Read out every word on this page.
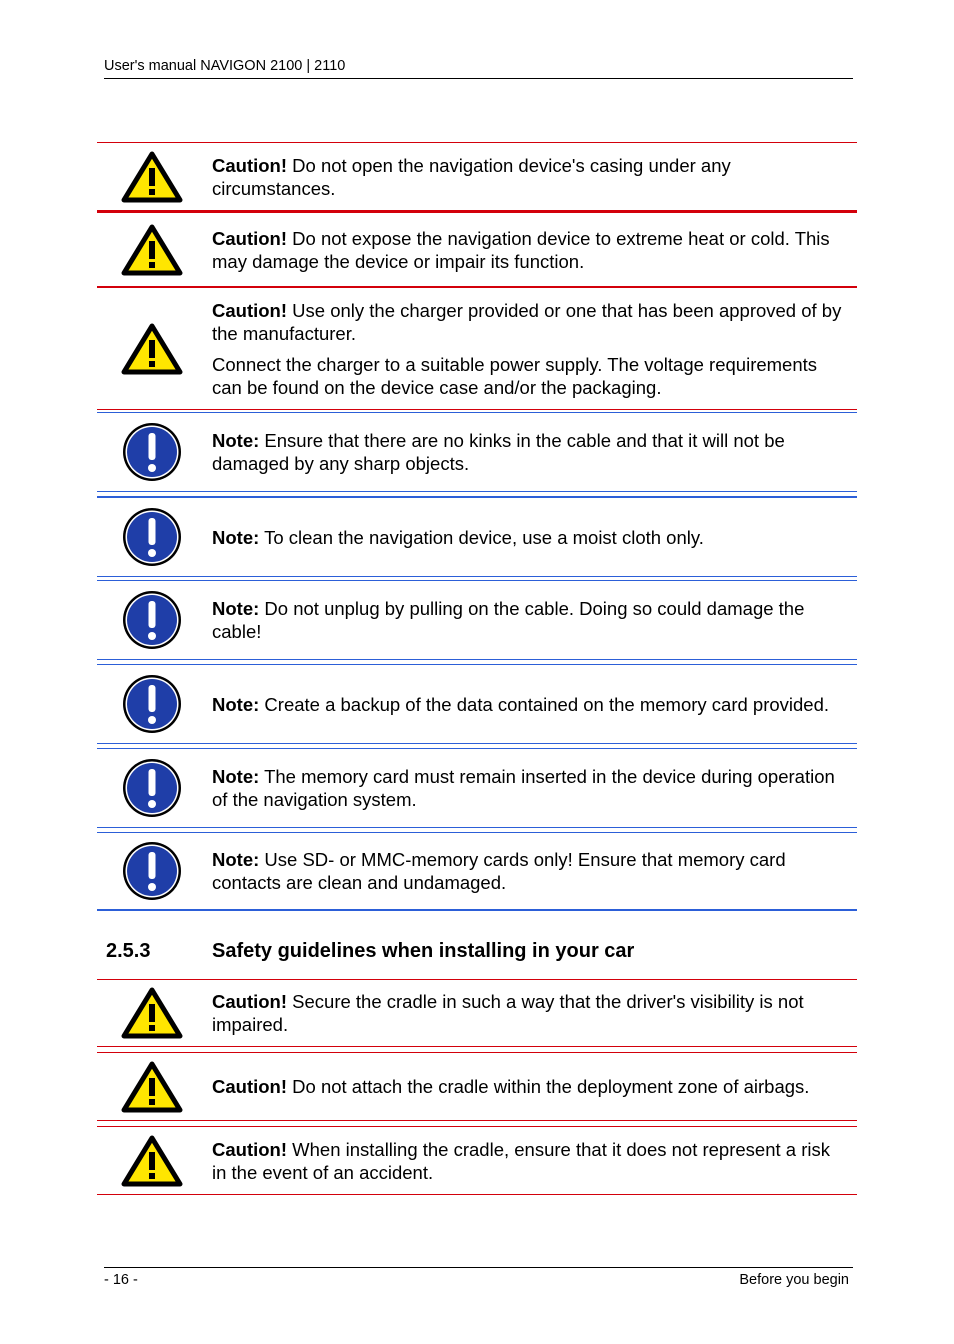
User's manual NAVIGON 2100 | 2110

Caution! Do not open the navigation device's casing under any circumstances.

Caution! Do not expose the navigation device to extreme heat or cold. This may damage the device or impair its function.

Caution! Use only the charger provided or one that has been approved of by the manufacturer.

Connect the charger to a suitable power supply. The voltage requirements can be found on the device case and/or the packaging.

Note: Ensure that there are no kinks in the cable and that it will not be damaged by any sharp objects.

Note: To clean the navigation device, use a moist cloth only.

Note: Do not unplug by pulling on the cable. Doing so could damage the cable!

Note: Create a backup of the data contained on the memory card provided.

Note: The memory card must remain inserted in the device during operation of the navigation system.

Note: Use SD- or MMC-memory cards only! Ensure that memory card contacts are clean and undamaged.

2.5.3	Safety guidelines when installing in your car

Caution! Secure the cradle in such a way that the driver's visibility is not impaired.

Caution! Do not attach the cradle within the deployment zone of airbags.

Caution! When installing the cradle, ensure that it does not represent a risk in the event of an accident.

- 16 -	Before you begin
